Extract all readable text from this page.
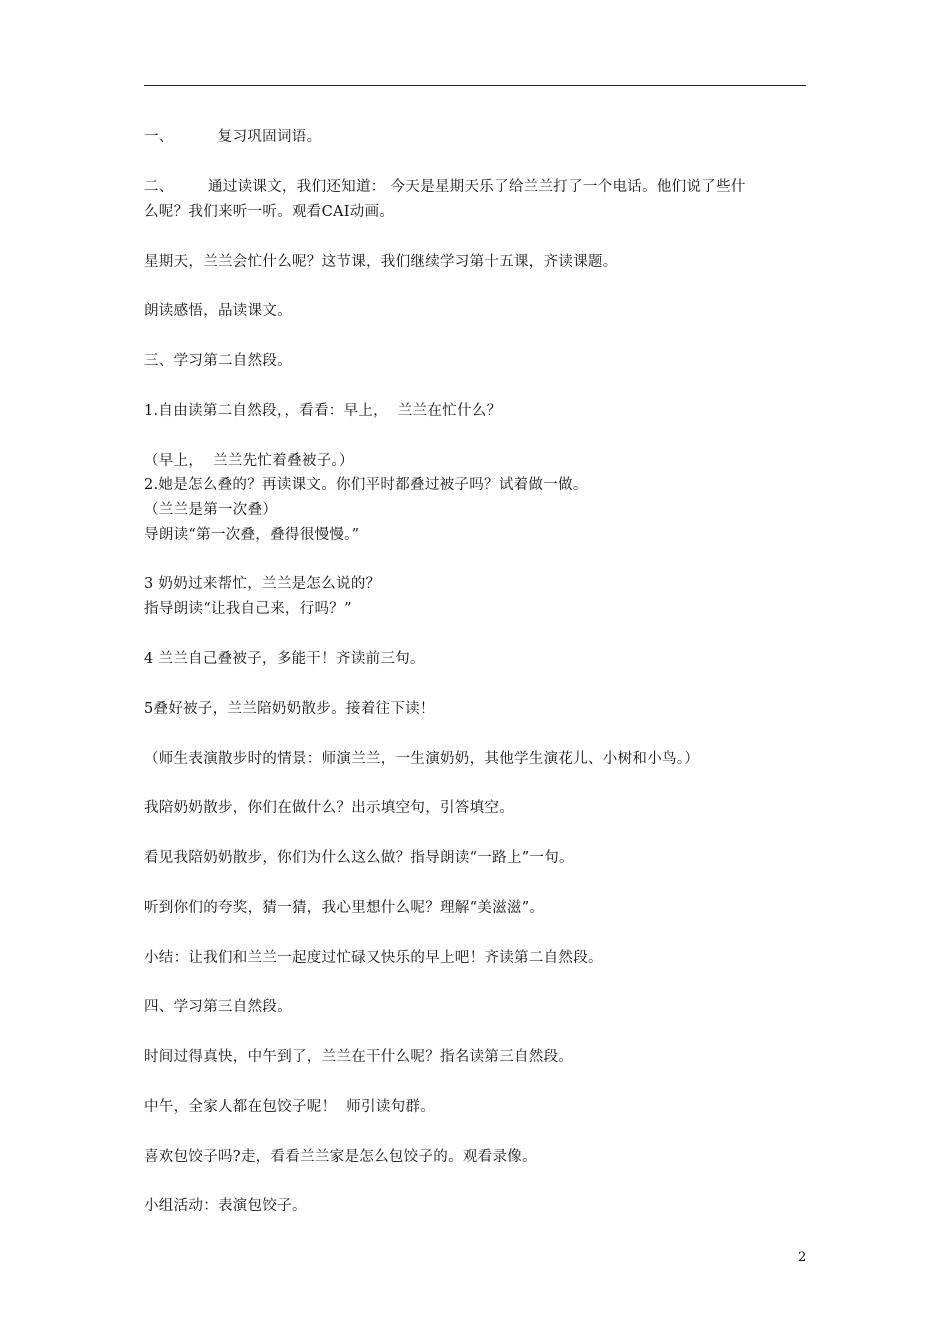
一、         复习巩固词语。
二、       通过读课文，我们还知道： 今天是星期天乐了给兰兰打了一个电话。他们说了些什
么呢？我们来听一听。观看CAI动画。
星期天，兰兰会忙什么呢？这节课，我们继续学习第十五课，齐读课题。
朗读感悟，品读课文。
三、学习第二自然段。
1.自由读第二自然段，，看看：早上，  兰兰在忙什么？
（早上，  兰兰先忙着叠被子。）
2.她是怎么叠的？再读课文。你们平时都叠过被子吗？试着做一做。
（兰兰是第一次叠）
导朗读“第一次叠，叠得很慢慢。”
3 奶奶过来帮忙，兰兰是怎么说的？
指导朗读“让我自己来，行吗？”
4 兰兰自己叠被子，多能干！齐读前三句。
5叠好被子，兰兰陪奶奶散步。接着往下读！
（师生表演散步时的情景：师演兰兰，一生演奶奶，其他学生演花儿、小树和小鸟。）
我陪奶奶散步，你们在做什么？出示填空句，引答填空。
看见我陪奶奶散步，你们为什么这么做？指导朗读“一路上”一句。
听到你们的夸奖，猜一猜，我心里想什么呢？理解“美滋滋”。
小结：让我们和兰兰一起度过忙碌又快乐的早上吧！齐读第二自然段。
四、学习第三自然段。
时间过得真快，中午到了，兰兰在干什么呢？指名读第三自然段。
中午，全家人都在包饺子呢！  师引读句群。
喜欢包饺子吗?走，看看兰兰家是怎么包饺子的。观看录像。
小组活动：表演包饺子。
2
